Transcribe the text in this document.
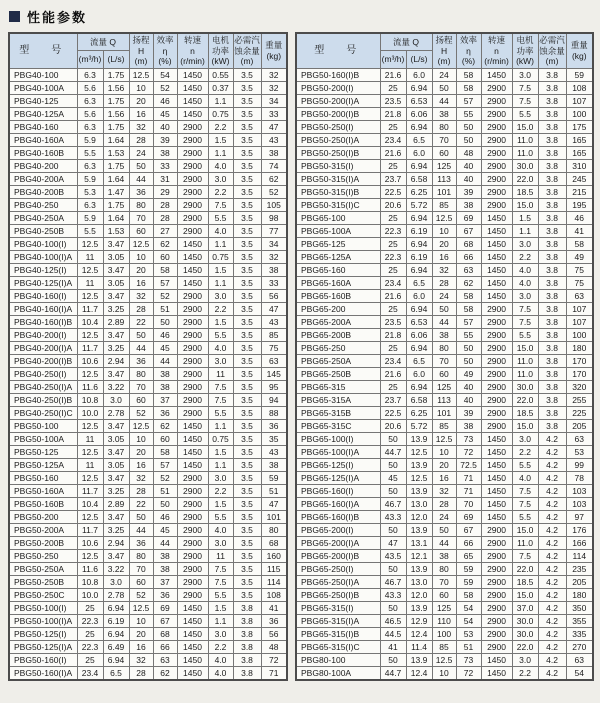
性能参数
型　号	流量 Q		扬程
H
(m)	效率
η
(%)	转速
n
(r/min)	电机
功率
(kW)	必需汽
蚀余量
(m)	重量
(kg)

	(m³/h)	(L/s)						
PBG40-100	6.3	1.75	12.5	54	1450	0.55	3.5	32
PBG40-100A	5.6	1.56	10	52	1450	0.37	3.5	32
PBG40-125	6.3	1.75	20	46	1450	1.1	3.5	34
PBG40-125A	5.6	1.56	16	45	1450	0.75	3.5	33
PBG40-160	6.3	1.75	32	40	2900	2.2	3.5	47
PBG40-160A	5.9	1.64	28	39	2900	1.5	3.5	43
PBG40-160B	5.5	1.53	24	38	2900	1.1	3.5	38
PBG40-200	6.3	1.75	50	33	2900	4.0	3.5	74
PBG40-200A	5.9	1.64	44	31	2900	3.0	3.5	62
PBG40-200B	5.3	1.47	36	29	2900	2.2	3.5	52
PBG40-250	6.3	1.75	80	28	2900	7.5	3.5	105
PBG40-250A	5.9	1.64	70	28	2900	5.5	3.5	98
PBG40-250B	5.5	1.53	60	27	2900	4.0	3.5	77
PBG40-100(I)	12.5	3.47	12.5	62	1450	1.1	3.5	34
PBG40-100(I)A	11	3.05	10	60	1450	0.75	3.5	32
PBG40-125(I)	12.5	3.47	20	58	1450	1.5	3.5	38
PBG40-125(I)A	11	3.05	16	57	1450	1.1	3.5	33
PBG40-160(I)	12.5	3.47	32	52	2900	3.0	3.5	56
PBG40-160(I)A	11.7	3.25	28	51	2900	2.2	3.5	47
PBG40-160(I)B	10.4	2.89	22	50	2900	1.5	3.5	43
PBG40-200(I)	12.5	3.47	50	46	2900	5.5	3.5	85
PBG40-200(I)A	11.7	3.25	44	45	2900	4.0	3.5	75
PBG40-200(I)B	10.6	2.94	36	44	2900	3.0	3.5	63
PBG40-250(I)	12.5	3.47	80	38	2900	11	3.5	145
PBG40-250(I)A	11.6	3.22	70	38	2900	7.5	3.5	95
PBG40-250(I)B	10.8	3.0	60	37	2900	7.5	3.5	94
PBG40-250(I)C	10.0	2.78	52	36	2900	5.5	3.5	88
PBG50-100	12.5	3.47	12.5	62	1450	1.1	3.5	36
PBG50-100A	11	3.05	10	60	1450	0.75	3.5	35
PBG50-125	12.5	3.47	20	58	1450	1.5	3.5	43
PBG50-125A	11	3.05	16	57	1450	1.1	3.5	38
PBG50-160	12.5	3.47	32	52	2900	3.0	3.5	59
PBG50-160A	11.7	3.25	28	51	2900	2.2	3.5	51
PBG50-160B	10.4	2.89	22	50	2900	1.5	3.5	47
PBG50-200	12.5	3.47	50	46	2900	5.5	3.5	101
PBG50-200A	11.7	3.25	44	45	2900	4.0	3.5	80
PBG50-200B	10.6	2.94	36	44	2900	3.0	3.5	68
PBG50-250	12.5	3.47	80	38	2900	11	3.5	160
PBG50-250A	11.6	3.22	70	38	2900	7.5	3.5	115
PBG50-250B	10.8	3.0	60	37	2900	7.5	3.5	114
PBG50-250C	10.0	2.78	52	36	2900	5.5	3.5	108
PBG50-100(I)	25	6.94	12.5	69	1450	1.5	3.8	41
PBG50-100(I)A	22.3	6.19	10	67	1450	1.1	3.8	36
PBG50-125(I)	25	6.94	20	68	1450	3.0	3.8	56
PBG50-125(I)A	22.3	6.49	16	66	1450	2.2	3.8	48
PBG50-160(I)	25	6.94	32	63	1450	4.0	3.8	72
PBG50-160(I)A	23.4	6.5	28	62	1450	4.0	3.8	71
型　号	流量 Q		扬程
H
(m)	效率
η
(%)	转速
n
(r/min)	电机
功率
(kW)	必需汽
蚀余量
(m)	重量
(kg)

	(m³/h)	(L/s)						
PBG50-160(I)B	21.6	6.0	24	58	1450	3.0	3.8	59
PBG50-200(I)	25	6.94	50	58	2900	7.5	3.8	108
PBG50-200(I)A	23.5	6.53	44	57	2900	7.5	3.8	107
PBG50-200(I)B	21.8	6.06	38	55	2900	5.5	3.8	100
PBG50-250(I)	25	6.94	80	50	2900	15.0	3.8	175
PBG50-250(I)A	23.4	6.5	70	50	2900	11.0	3.8	165
PBG50-250(I)B	21.6	6.0	60	48	2900	11.0	3.8	165
PBG50-315(I)	25	6.94	125	40	2900	30.0	3.8	310
PBG50-315(I)A	23.7	6.58	113	40	2900	22.0	3.8	245
PBG50-315(I)B	22.5	6.25	101	39	2900	18.5	3.8	215
PBG50-315(I)C	20.6	5.72	85	38	2900	15.0	3.8	195
PBG65-100	25	6.94	12.5	69	1450	1.5	3.8	46
PBG65-100A	22.3	6.19	10	67	1450	1.1	3.8	41
PBG65-125	25	6.94	20	68	1450	3.0	3.8	58
PBG65-125A	22.3	6.19	16	66	1450	2.2	3.8	49
PBG65-160	25	6.94	32	63	1450	4.0	3.8	75
PBG65-160A	23.4	6.5	28	62	1450	4.0	3.8	75
PBG65-160B	21.6	6.0	24	58	1450	3.0	3.8	63
PBG65-200	25	6.94	50	58	2900	7.5	3.8	107
PBG65-200A	23.5	6.53	44	57	2900	7.5	3.8	107
PBG65-200B	21.8	6.06	38	55	2900	5.5	3.8	100
PBG65-250	25	6.94	80	50	2900	15.0	3.8	180
PBG65-250A	23.4	6.5	70	50	2900	11.0	3.8	170
PBG65-250B	21.6	6.0	60	49	2900	11.0	3.8	170
PBG65-315	25	6.94	125	40	2900	30.0	3.8	320
PBG65-315A	23.7	6.58	113	40	2900	22.0	3.8	255
PBG65-315B	22.5	6.25	101	39	2900	18.5	3.8	225
PBG65-315C	20.6	5.72	85	38	2900	15.0	3.8	205
PBG65-100(I)	50	13.9	12.5	73	1450	3.0	4.2	63
PBG65-100(I)A	44.7	12.5	10	72	1450	2.2	4.2	53
PBG65-125(I)	50	13.9	20	72.5	1450	5.5	4.2	99
PBG65-125(I)A	45	12.5	16	71	1450	4.0	4.2	78
PBG65-160(I)	50	13.9	32	71	1450	7.5	4.2	103
PBG65-160(I)A	46.7	13.0	28	70	1450	7.5	4.2	103
PBG65-160(I)B	43.3	12.0	24	69	1450	5.5	4.2	97
PBG65-200(I)	50	13.9	50	67	2900	15.0	4.2	176
PBG65-200(I)A	47	13.1	44	66	2900	11.0	4.2	166
PBG65-200(I)B	43.5	12.1	38	65	2900	7.5	4.2	114
PBG65-250(I)	50	13.9	80	59	2900	22.0	4.2	235
PBG65-250(I)A	46.7	13.0	70	59	2900	18.5	4.2	205
PBG65-250(I)B	43.3	12.0	60	58	2900	15.0	4.2	180
PBG65-315(I)	50	13.9	125	54	2900	37.0	4.2	350
PBG65-315(I)A	46.5	12.9	110	54	2900	30.0	4.2	355
PBG65-315(I)B	44.5	12.4	100	53	2900	30.0	4.2	335
PBG65-315(I)C	41	11.4	85	51	2900	22.0	4.2	270
PBG80-100	50	13.9	12.5	73	1450	3.0	4.2	63
PBG80-100A	44.7	12.4	10	72	1450	2.2	4.2	54
